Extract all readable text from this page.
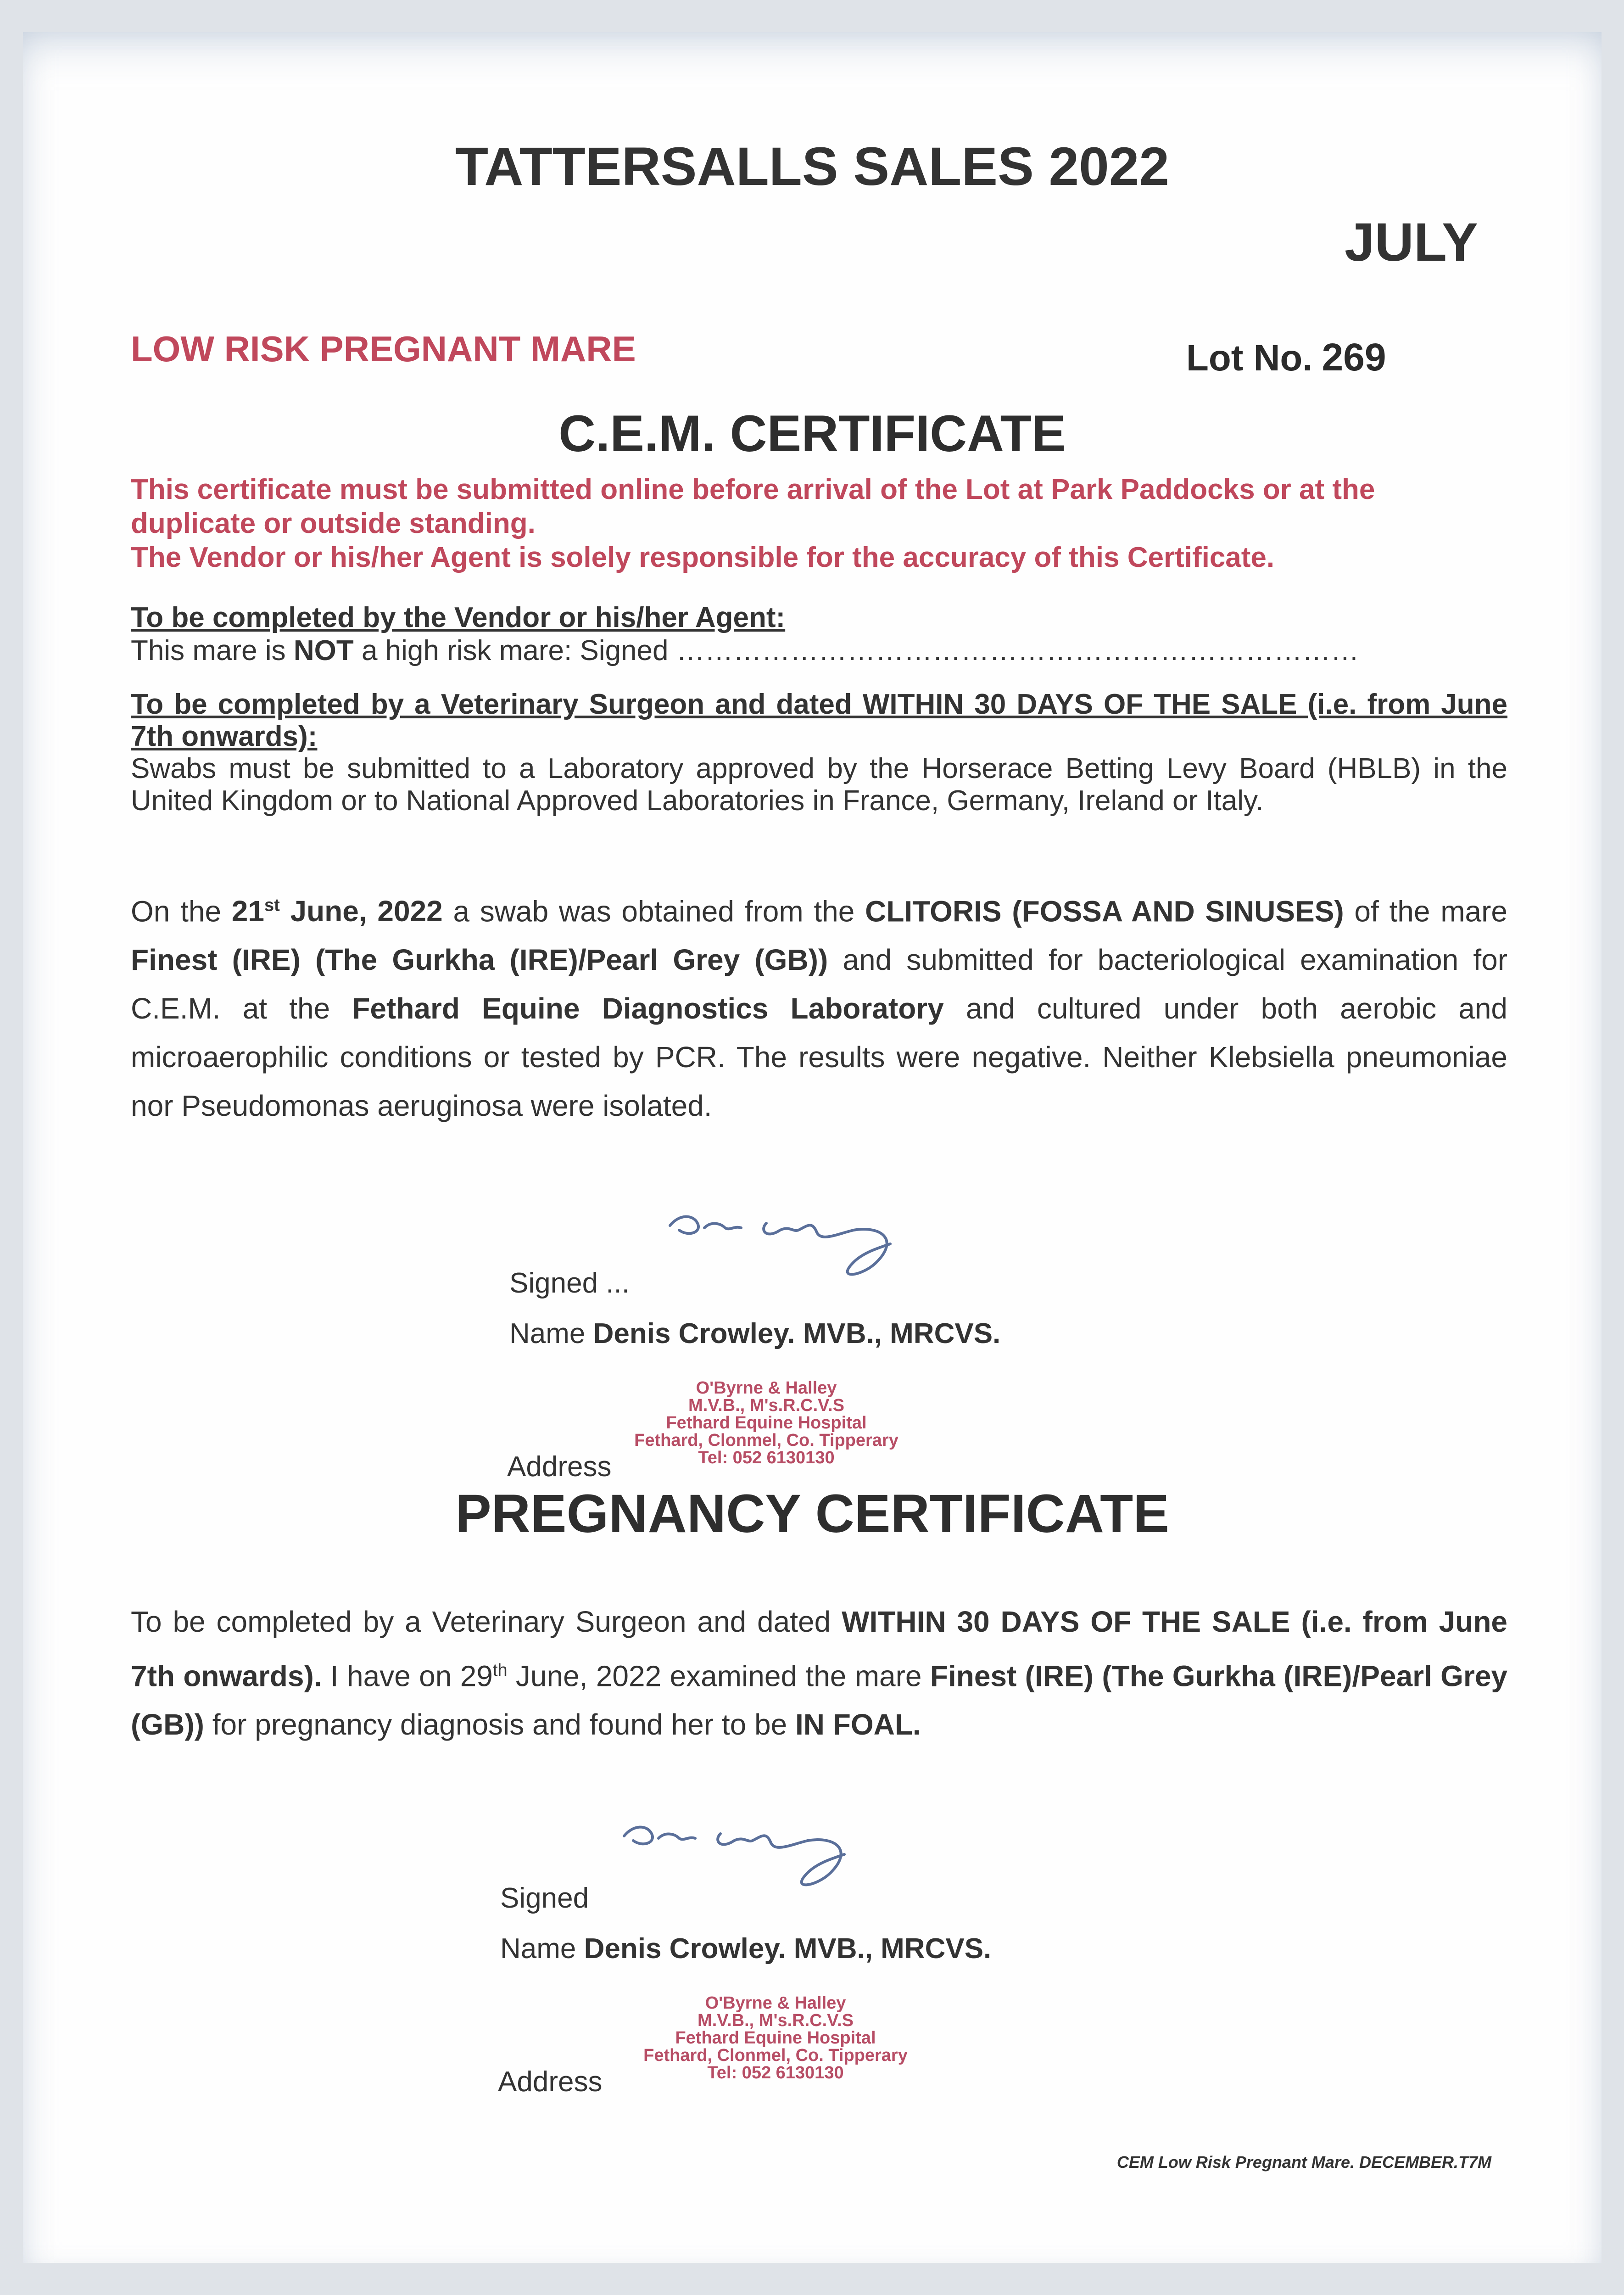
TATTERSALLS SALES 2022
JULY
LOW RISK PREGNANT MARE	Lot No. 269
C.E.M. CERTIFICATE
This certificate must be submitted online before arrival of the Lot at Park Paddocks or at the duplicate or outside standing.
The Vendor or his/her Agent is solely responsible for the accuracy of this Certificate.
To be completed by the Vendor or his/her Agent:
This mare is NOT a high risk mare: Signed ………………………………………………………………
To be completed by a Veterinary Surgeon and dated WITHIN 30 DAYS OF THE SALE (i.e. from June 7th onwards):
Swabs must be submitted to a Laboratory approved by the Horserace Betting Levy Board (HBLB) in the United Kingdom or to National Approved Laboratories in France, Germany, Ireland or Italy.
On the 21st June, 2022 a swab was obtained from the CLITORIS (FOSSA AND SINUSES) of the mare Finest (IRE) (The Gurkha (IRE)/Pearl Grey (GB)) and submitted for bacteriological examination for C.E.M. at the Fethard Equine Diagnostics Laboratory and cultured under both aerobic and microaerophilic conditions or tested by PCR. The results were negative. Neither Klebsiella pneumoniae nor Pseudomonas aeruginosa were isolated.
Signed ...
Name Denis Crowley. MVB., MRCVS.
O'Byrne & Halley
M.V.B., M's.R.C.V.S
Fethard Equine Hospital
Fethard, Clonmel, Co. Tipperary
Tel: 052 6130130
Address
PREGNANCY CERTIFICATE
To be completed by a Veterinary Surgeon and dated WITHIN 30 DAYS OF THE SALE (i.e. from June 7th onwards). I have on 29th June, 2022 examined the mare Finest (IRE) (The Gurkha (IRE)/Pearl Grey (GB)) for pregnancy diagnosis and found her to be IN FOAL.
Signed
Name Denis Crowley. MVB., MRCVS.
O'Byrne & Halley
M.V.B., M's.R.C.V.S
Fethard Equine Hospital
Fethard, Clonmel, Co. Tipperary
Tel: 052 6130130
Address
CEM Low Risk Pregnant Mare. DECEMBER.T7M
